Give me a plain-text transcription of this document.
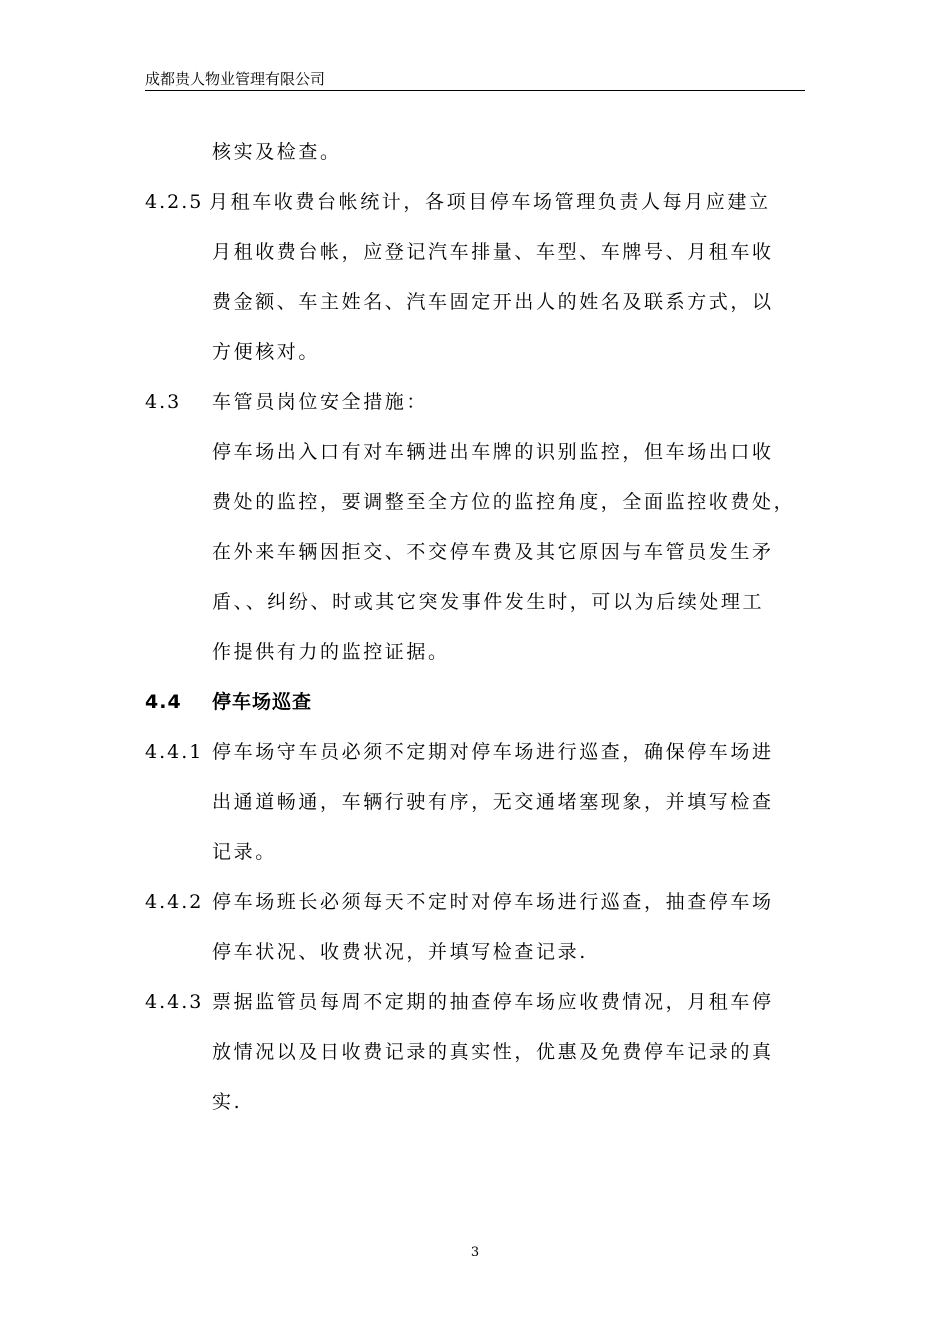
成都贵人物业管理有限公司
核实及检查。
4.2.5 月租车收费台帐统计，各项目停车场管理负责人每月应建立
月租收费台帐，应登记汽车排量、车型、车牌号、月租车收
费金额、车主姓名、汽车固定开出人的姓名及联系方式，以
方便核对。
4.3 车管员岗位安全措施：
停车场出入口有对车辆进出车牌的识别监控，但车场出口收
费处的监控，要调整至全方位的监控角度，全面监控收费处，
在外来车辆因拒交、不交停车费及其它原因与车管员发生矛
盾、、纠纷、时或其它突发事件发生时，可以为后续处理工
作提供有力的监控证据。
4.4 停车场巡查
4.4.1 停车场守车员必须不定期对停车场进行巡查，确保停车场进
出通道畅通，车辆行驶有序，无交通堵塞现象，并填写检查
记录。
4.4.2 停车场班长必须每天不定时对停车场进行巡查，抽查停车场
停车状况、收费状况，并填写检查记录.
4.4.3 票据监管员每周不定期的抽查停车场应收费情况，月租车停
放情况以及日收费记录的真实性，优惠及免费停车记录的真
实.
3
